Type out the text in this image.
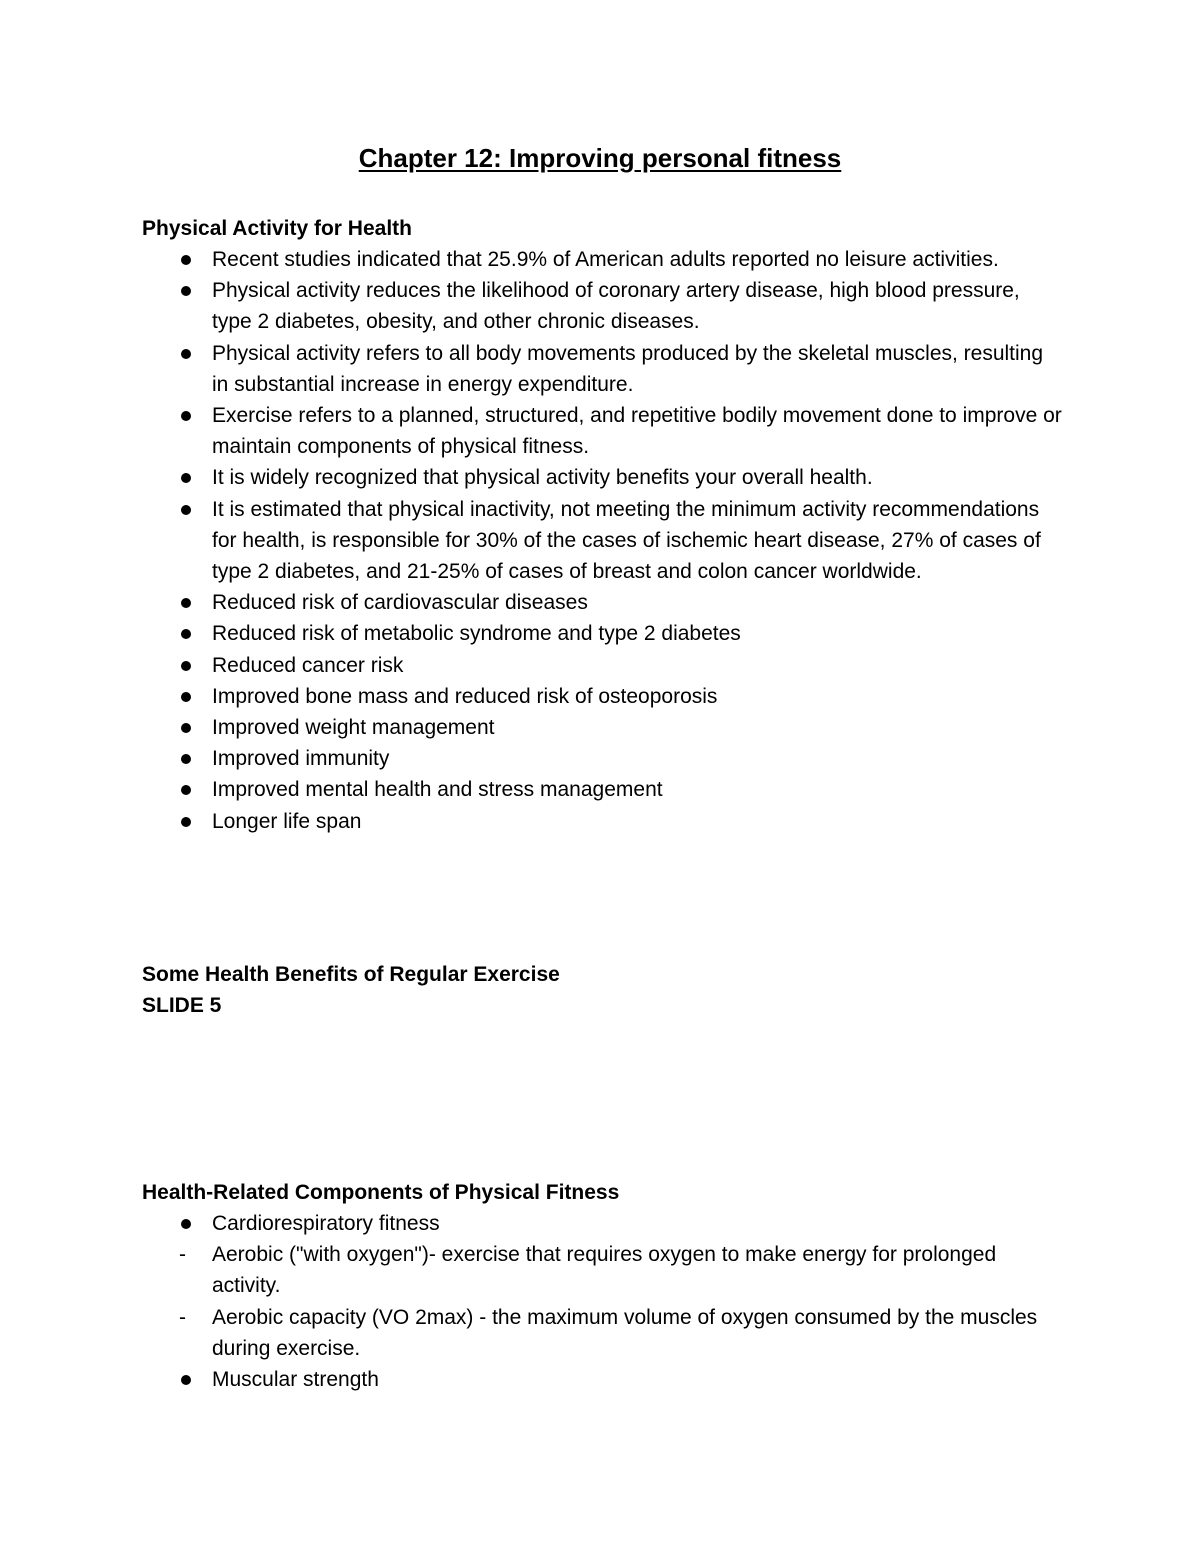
Chapter 12: Improving personal fitness

Physical Activity for Health

Recent studies indicated that 25.9% of American adults reported no leisure activities.
Physical activity reduces the likelihood of coronary artery disease, high blood pressure, type 2 diabetes, obesity, and other chronic diseases.
Physical activity refers to all body movements produced by the skeletal muscles, resulting in substantial increase in energy expenditure.
Exercise refers to a planned, structured, and repetitive bodily movement done to improve or maintain components of physical fitness.
It is widely recognized that physical activity benefits your overall health.
It is estimated that physical inactivity, not meeting the minimum activity recommendations for health, is responsible for 30% of the cases of ischemic heart disease, 27% of cases of type 2 diabetes, and 21-25% of cases of breast and colon cancer worldwide.
Reduced risk of cardiovascular diseases
Reduced risk of metabolic syndrome and type 2 diabetes
Reduced cancer risk
Improved bone mass and reduced risk of osteoporosis
Improved weight management
Improved immunity
Improved mental health and stress management
Longer life span

Some Health Benefits of Regular Exercise

SLIDE 5

Health-Related Components of Physical Fitness

Cardiorespiratory fitness
Aerobic ("with oxygen")- exercise that requires oxygen to make energy for prolonged activity.
Aerobic capacity (VO 2max) - the maximum volume of oxygen consumed by the muscles during exercise.
Muscular strength
